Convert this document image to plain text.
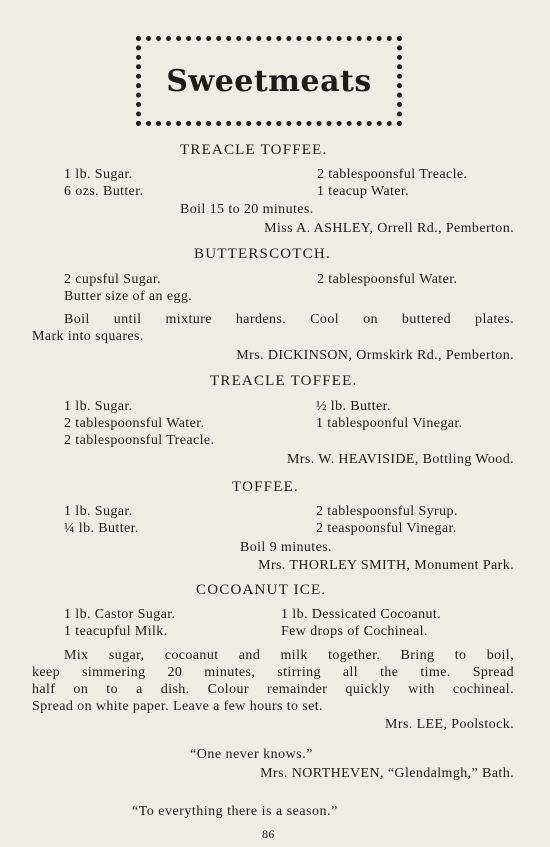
Sweetmeats
TREACLE TOFFEE.
1 lb. Sugar.	2 tablespoonsful Treacle.
6 ozs. Butter.	1 teacup Water.
Boil 15 to 20 minutes.
Miss A. ASHLEY, Orrell Rd., Pemberton.
BUTTERSCOTCH.
2 cupsful Sugar.	2 tablespoonsful Water.
Butter size of an egg.
Boil until mixture hardens. Cool on buttered plates.
Mark into squares.
Mrs. DICKINSON, Ormskirk Rd., Pemberton.
TREACLE TOFFEE.
1 lb. Sugar.	½ lb. Butter.
2 tablespoonsful Water.	1 tablespoonful Vinegar.
2 tablespoonsful Treacle.
Mrs. W. HEAVISIDE, Bottling Wood.
TOFFEE.
1 lb. Sugar.	2 tablespoonsful Syrup.
¼ lb. Butter.	2 teaspoonsful Vinegar.
Boil 9 minutes.
Mrs. THORLEY SMITH, Monument Park.
COCOANUT ICE.
1 lb. Castor Sugar.	1 lb. Dessicated Cocoanut.
1 teacupful Milk.	Few drops of Cochineal.
Mix sugar, cocoanut and milk together. Bring to boil,
keep simmering 20 minutes, stirring all the time. Spread
half on to a dish. Colour remainder quickly with cochineal.
Spread on white paper. Leave a few hours to set.
Mrs. LEE, Poolstock.
“One never knows.”
Mrs. NORTHEVEN, “Glendalmgh,” Bath.
“To everything there is a season.”
86
